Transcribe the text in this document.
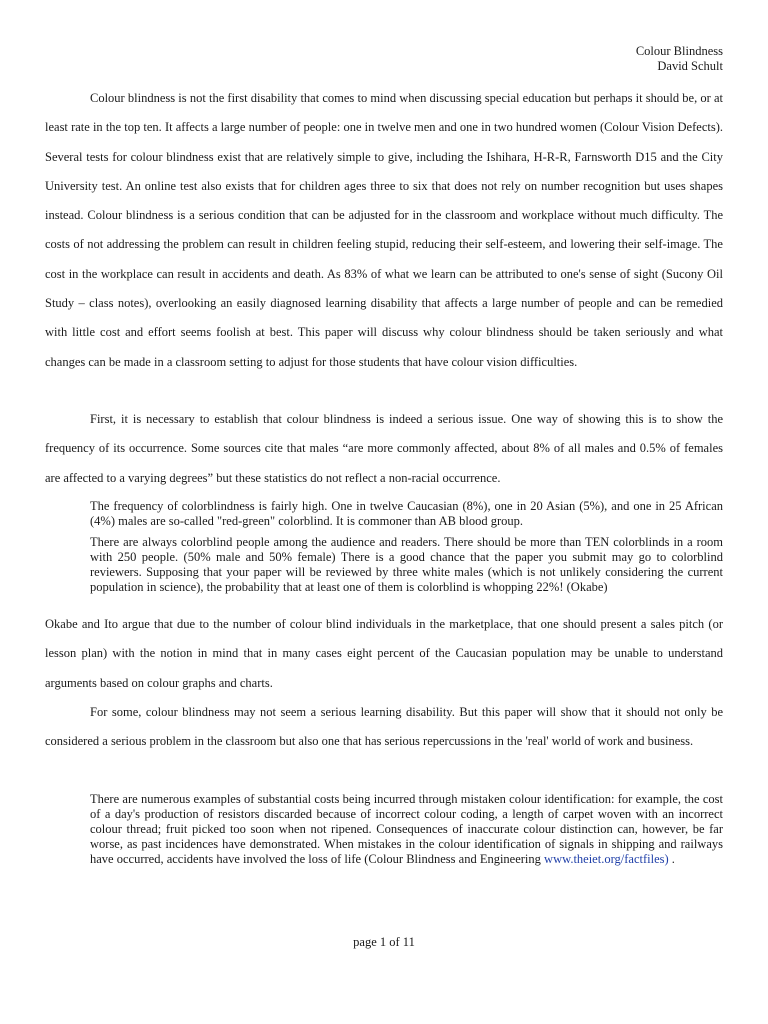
Colour Blindness
David Schult

Colour blindness is not the first disability that comes to mind when discussing special education but perhaps it should be, or at least rate in the top ten. It affects a large number of people: one in twelve men and one in two hundred women (Colour Vision Defects). Several tests for colour blindness exist that are relatively simple to give, including the Ishihara, H-R-R, Farnsworth D15 and the City University test. An online test also exists that for children ages three to six that does not rely on number recognition but uses shapes instead. Colour blindness is a serious condition that can be adjusted for in the classroom and workplace without much difficulty. The costs of not addressing the problem can result in children feeling stupid, reducing their self-esteem, and lowering their self-image. The cost in the workplace can result in accidents and death. As 83% of what we learn can be attributed to one's sense of sight (Sucony Oil Study – class notes), overlooking an easily diagnosed learning disability that affects a large number of people and can be remedied with little cost and effort seems foolish at best. This paper will discuss why colour blindness should be taken seriously and what changes can be made in a classroom setting to adjust for those students that have colour vision difficulties.

First, it is necessary to establish that colour blindness is indeed a serious issue. One way of showing this is to show the frequency of its occurrence. Some sources cite that males “are more commonly affected, about 8% of all males and 0.5% of females are affected to a varying degrees” but these statistics do not reflect a non-racial occurrence.

The frequency of colorblindness is fairly high. One in twelve Caucasian (8%), one in 20 Asian (5%), and one in 25 African (4%) males are so-called "red-green" colorblind. It is commoner than AB blood group.

There are always colorblind people among the audience and readers. There should be more than TEN colorblinds in a room with 250 people. (50% male and 50% female) There is a good chance that the paper you submit may go to colorblind reviewers. Supposing that your paper will be reviewed by three white males (which is not unlikely considering the current population in science), the probability that at least one of them is colorblind is whopping 22%! (Okabe)

Okabe and Ito argue that due to the number of colour blind individuals in the marketplace, that one should present a sales pitch (or lesson plan) with the notion in mind that in many cases eight percent of the Caucasian population may be unable to understand arguments based on colour graphs and charts.

For some, colour blindness may not seem a serious learning disability. But this paper will show that it should not only be considered a serious problem in the classroom but also one that has serious repercussions in the 'real' world of work and business.

There are numerous examples of substantial costs being incurred through mistaken colour identification: for example, the cost of a day's production of resistors discarded because of incorrect colour coding, a length of carpet woven with an incorrect colour thread; fruit picked too soon when not ripened. Consequences of inaccurate colour distinction can, however, be far worse, as past incidences have demonstrated. When mistakes in the colour identification of signals in shipping and railways have occurred, accidents have involved the loss of life (Colour Blindness and Engineering www.theiet.org/factfiles) .

page 1 of 11
